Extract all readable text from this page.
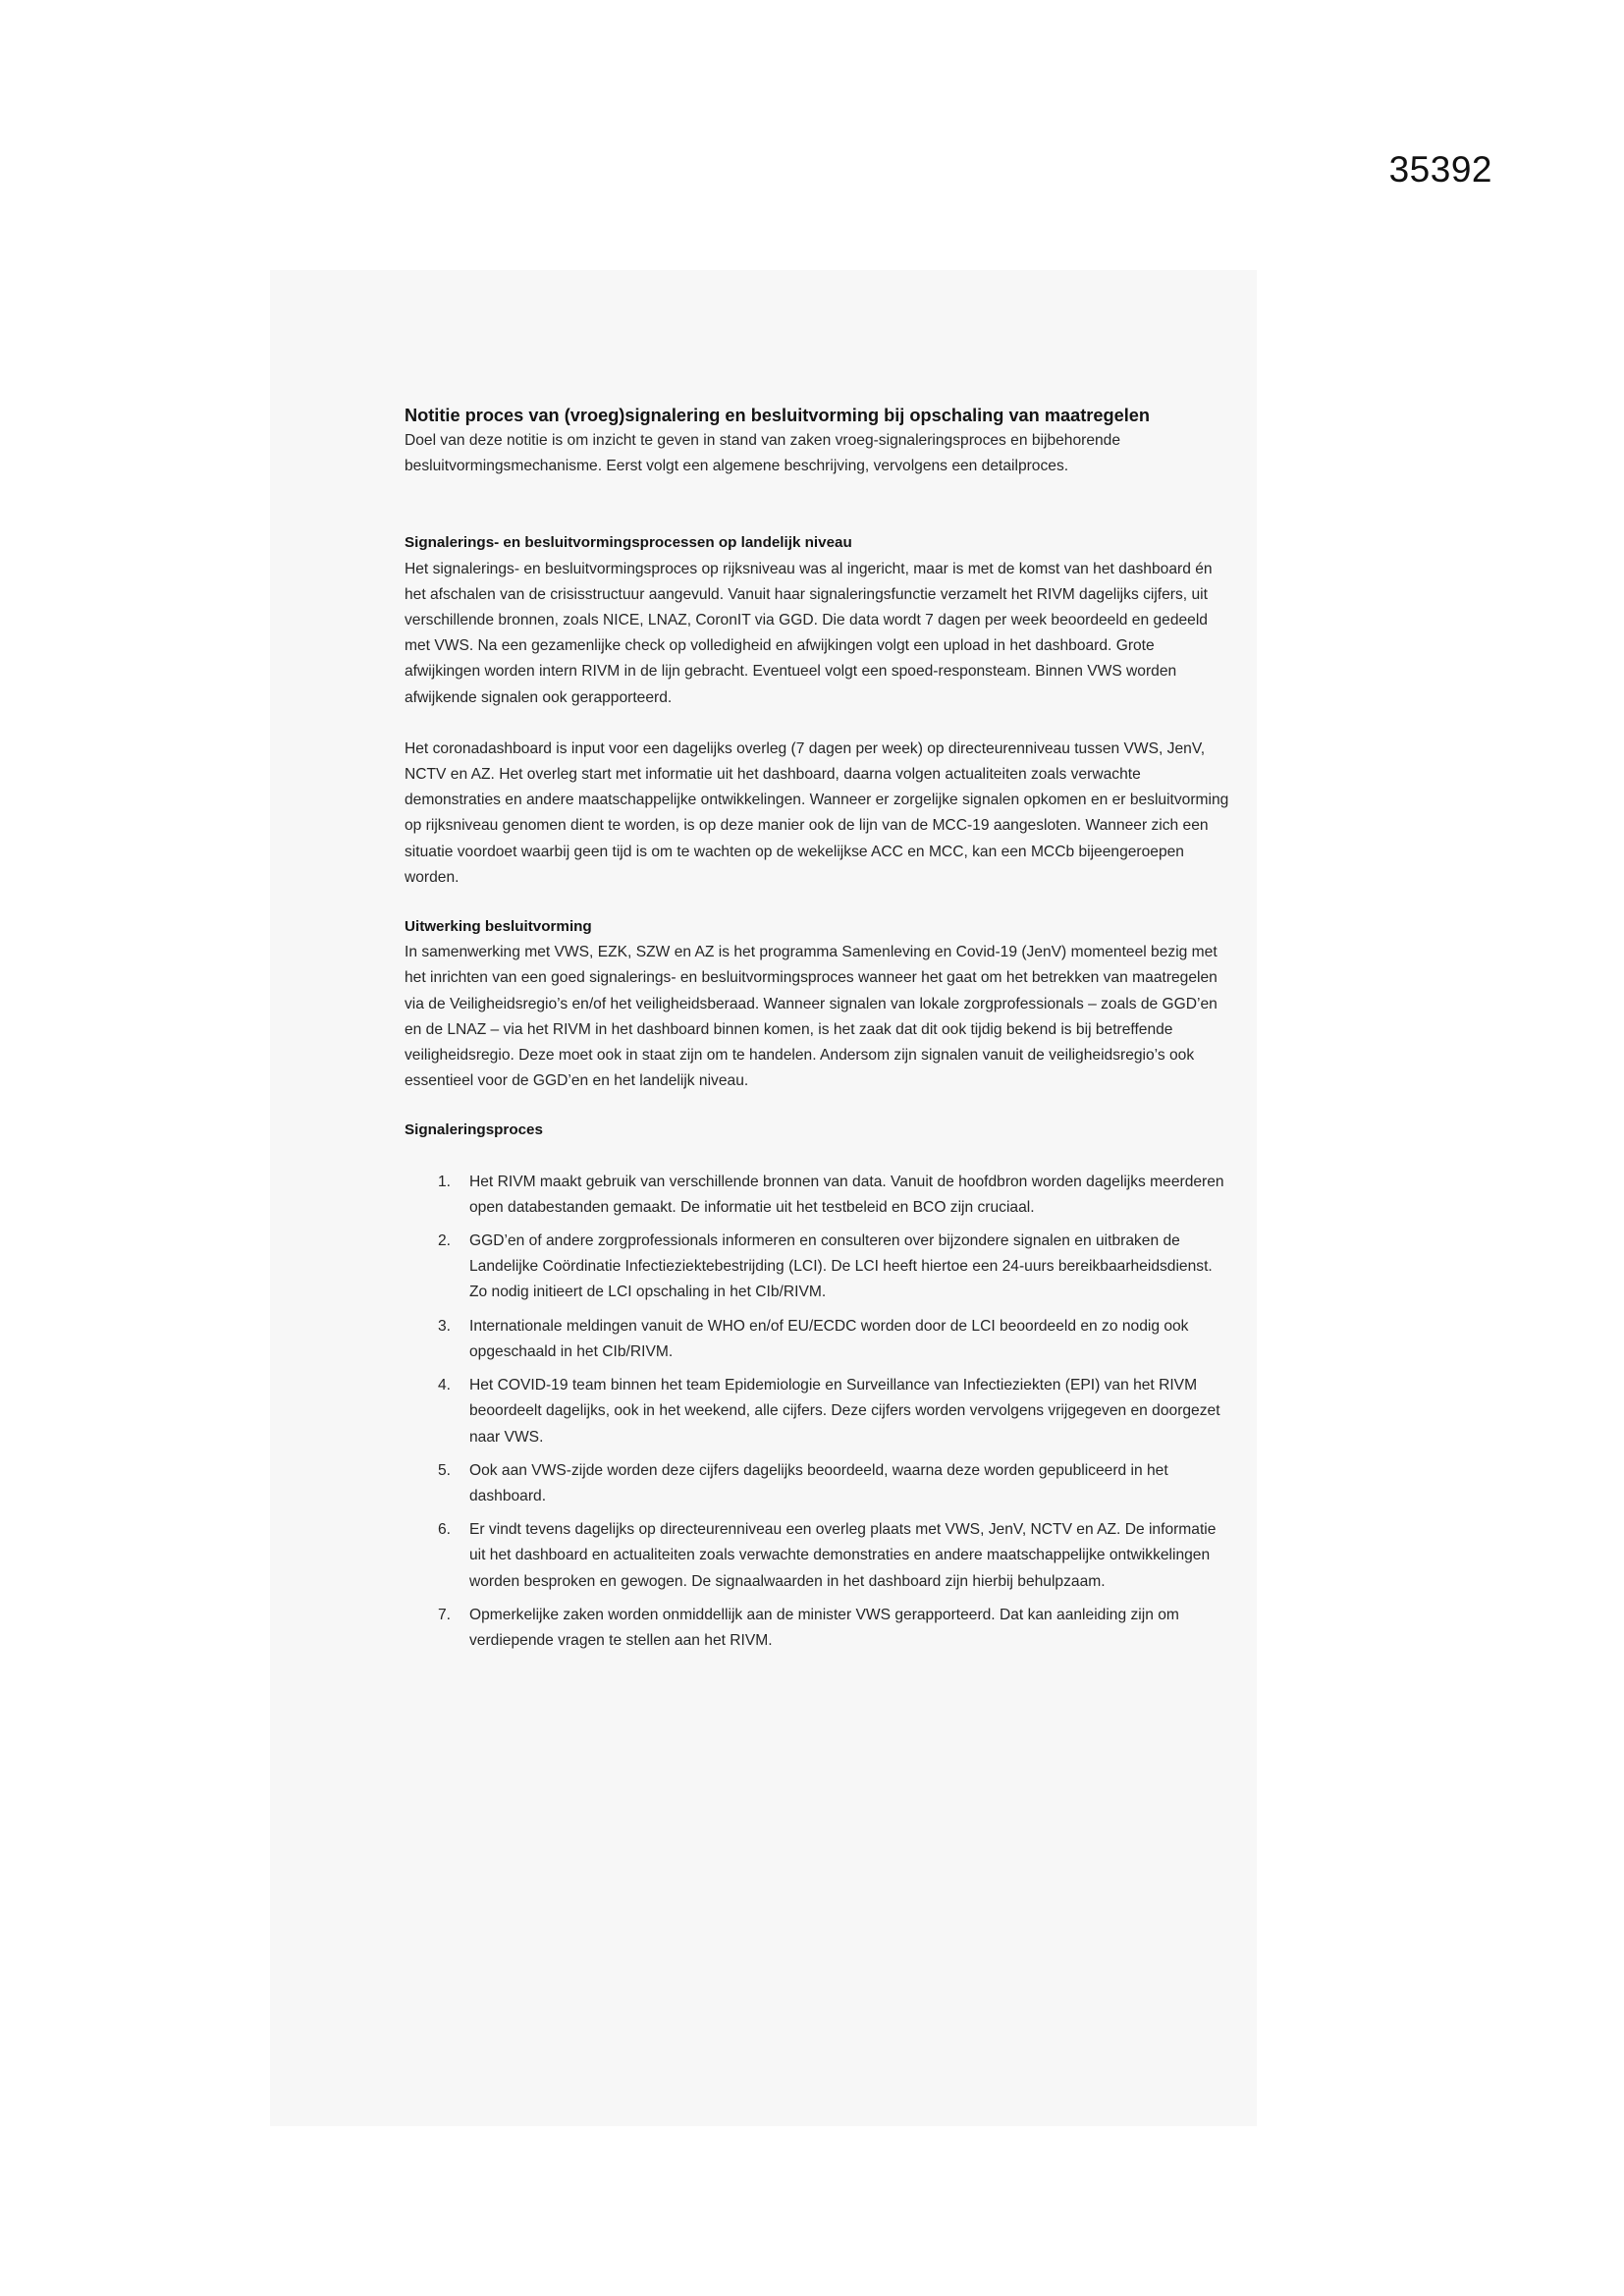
35392
Notitie proces van (vroeg)signalering en besluitvorming bij opschaling van maatregelen

Doel van deze notitie is om inzicht te geven in stand van zaken vroeg-signaleringsproces en bijbehorende besluitvormingsmechanisme. Eerst volgt een algemene beschrijving, vervolgens een detailproces.

Signalerings- en besluitvormingsprocessen op landelijk niveau

Het signalerings- en besluitvormingsproces op rijksniveau was al ingericht, maar is met de komst van het dashboard én het afschalen van de crisisstructuur aangevuld. Vanuit haar signaleringsfunctie verzamelt het RIVM dagelijks cijfers, uit verschillende bronnen, zoals NICE, LNAZ, CoronIT via GGD. Die data wordt 7 dagen per week beoordeeld en gedeeld met VWS. Na een gezamenlijke check op volledigheid en afwijkingen volgt een upload in het dashboard. Grote afwijkingen worden intern RIVM in de lijn gebracht. Eventueel volgt een spoed-responsteam. Binnen VWS worden afwijkende signalen ook gerapporteerd.

Het coronadashboard is input voor een dagelijks overleg (7 dagen per week) op directeurenniveau tussen VWS, JenV, NCTV en AZ. Het overleg start met informatie uit het dashboard, daarna volgen actualiteiten zoals verwachte demonstraties en andere maatschappelijke ontwikkelingen. Wanneer er zorgelijke signalen opkomen en er besluitvorming op rijksniveau genomen dient te worden, is op deze manier ook de lijn van de MCC-19 aangesloten. Wanneer zich een situatie voordoet waarbij geen tijd is om te wachten op de wekelijkse ACC en MCC, kan een MCCb bijeengeroepen worden.

Uitwerking besluitvorming

In samenwerking met VWS, EZK, SZW en AZ is het programma Samenleving en Covid-19 (JenV) momenteel bezig met het inrichten van een goed signalerings- en besluitvormingsproces wanneer het gaat om het betrekken van maatregelen via de Veiligheidsregio’s en/of het veiligheidsberaad. Wanneer signalen van lokale zorgprofessionals – zoals de GGD’en en de LNAZ – via het RIVM in het dashboard binnen komen, is het zaak dat dit ook tijdig bekend is bij betreffende veiligheidsregio. Deze moet ook in staat zijn om te handelen. Andersom zijn signalen vanuit de veiligheidsregio’s ook essentieel voor de GGD’en en het landelijk niveau.

Signaleringsproces
1. Het RIVM maakt gebruik van verschillende bronnen van data. Vanuit de hoofdbron worden dagelijks meerderen open databestanden gemaakt. De informatie uit het testbeleid en BCO zijn cruciaal.
2. GGD’en of andere zorgprofessionals informeren en consulteren over bijzondere signalen en uitbraken de Landelijke Coördinatie Infectieziektebestrijding (LCI). De LCI heeft hiertoe een 24-uurs bereikbaarheidsdienst. Zo nodig initieert de LCI opschaling in het CIb/RIVM.
3. Internationale meldingen vanuit de WHO en/of EU/ECDC worden door de LCI beoordeeld en zo nodig ook opgeschaald in het CIb/RIVM.
4. Het COVID-19 team binnen het team Epidemiologie en Surveillance van Infectieziekten (EPI) van het RIVM beoordeelt dagelijks, ook in het weekend, alle cijfers. Deze cijfers worden vervolgens vrijgegeven en doorgezet naar VWS.
5. Ook aan VWS-zijde worden deze cijfers dagelijks beoordeeld, waarna deze worden gepubliceerd in het dashboard.
6. Er vindt tevens dagelijks op directeurenniveau een overleg plaats met VWS, JenV, NCTV en AZ. De informatie uit het dashboard en actualiteiten zoals verwachte demonstraties en andere maatschappelijke ontwikkelingen worden besproken en gewogen. De signaalwaarden in het dashboard zijn hierbij behulpzaam.
7. Opmerkelijke zaken worden onmiddellijk aan de minister VWS gerapporteerd. Dat kan aanleiding zijn om verdiepende vragen te stellen aan het RIVM.
